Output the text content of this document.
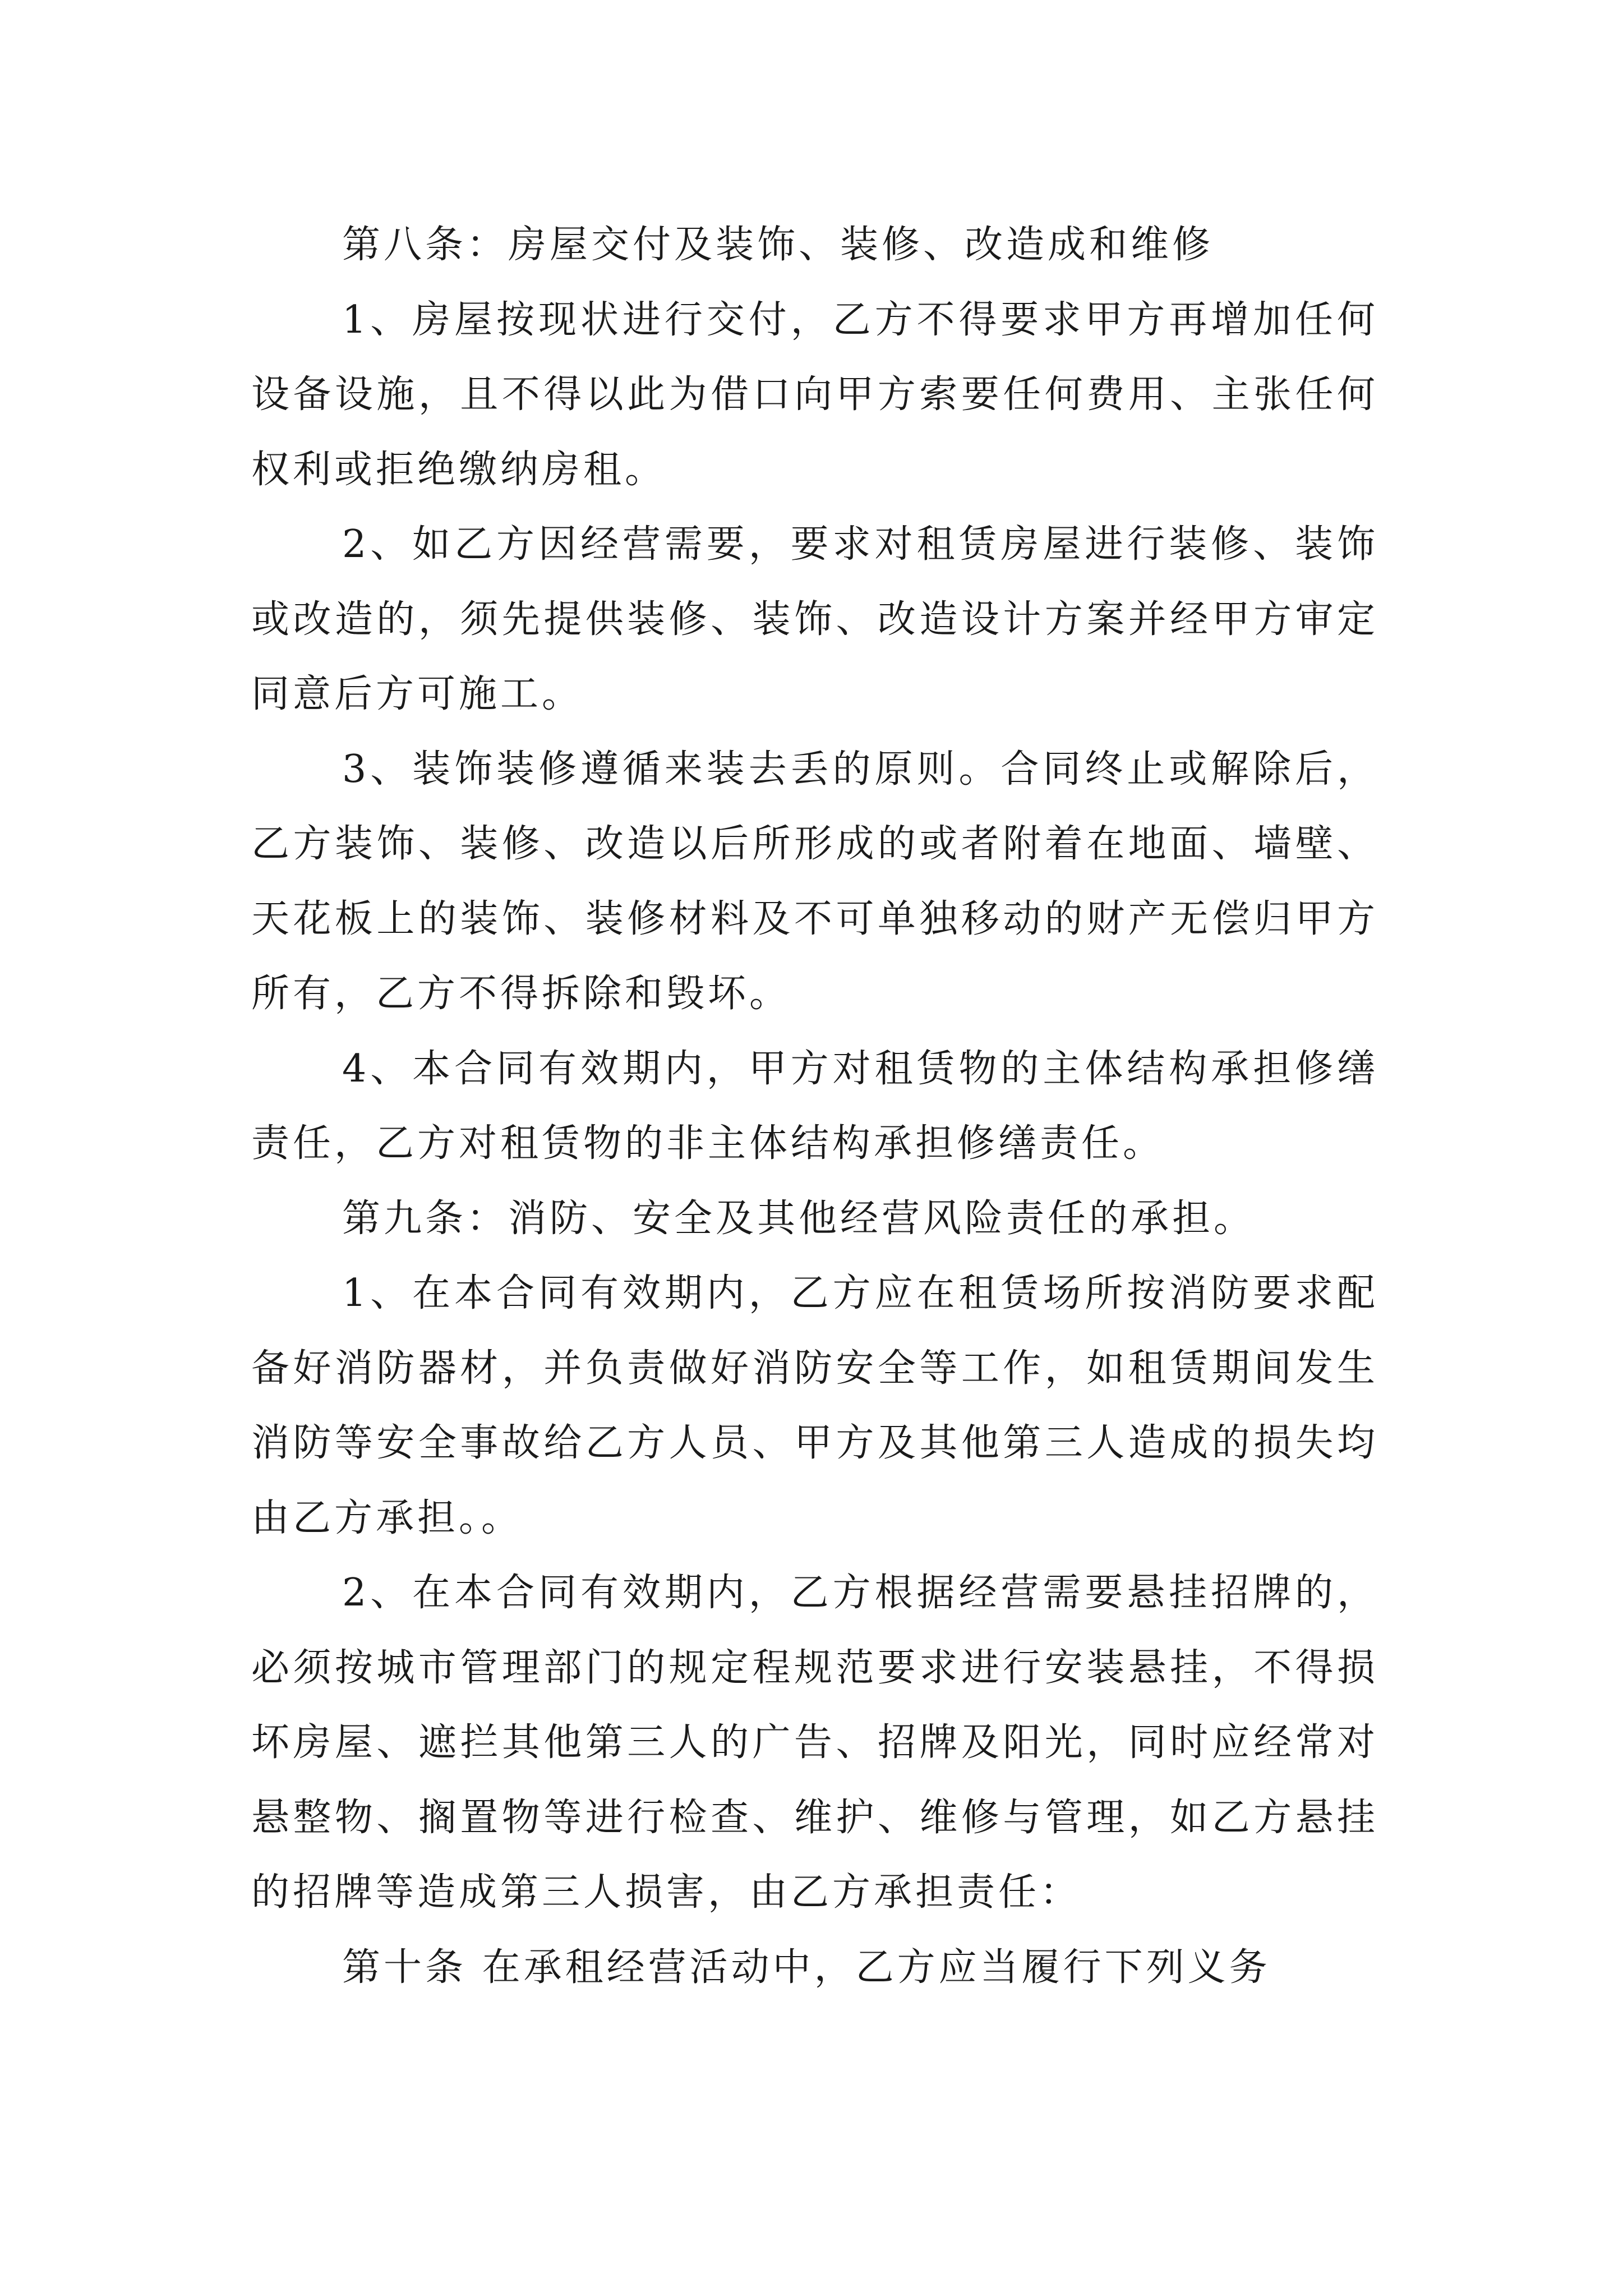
第八条：房屋交付及装饰、装修、改造成和维修

1、房屋按现状进行交付，乙方不得要求甲方再增加任何设备设施，且不得以此为借口向甲方索要任何费用、主张任何权利或拒绝缴纳房租。

2、如乙方因经营需要，要求对租赁房屋进行装修、装饰或改造的，须先提供装修、装饰、改造设计方案并经甲方审定同意后方可施工。

3、装饰装修遵循来装去丢的原则。合同终止或解除后，乙方装饰、装修、改造以后所形成的或者附着在地面、墙壁、天花板上的装饰、装修材料及不可单独移动的财产无偿归甲方所有，乙方不得拆除和毁坏。

4、本合同有效期内，甲方对租赁物的主体结构承担修缮责任，乙方对租赁物的非主体结构承担修缮责任。

第九条：消防、安全及其他经营风险责任的承担。

1、在本合同有效期内，乙方应在租赁场所按消防要求配备好消防器材，并负责做好消防安全等工作，如租赁期间发生消防等安全事故给乙方人员、甲方及其他第三人造成的损失均由乙方承担。。

2、在本合同有效期内，乙方根据经营需要悬挂招牌的，必须按城市管理部门的规定程规范要求进行安装悬挂，不得损坏房屋、遮拦其他第三人的广告、招牌及阳光，同时应经常对悬整物、搁置物等进行检查、维护、维修与管理，如乙方悬挂的招牌等造成第三人损害，由乙方承担责任：

第十条 在承租经营活动中，乙方应当履行下列义务
